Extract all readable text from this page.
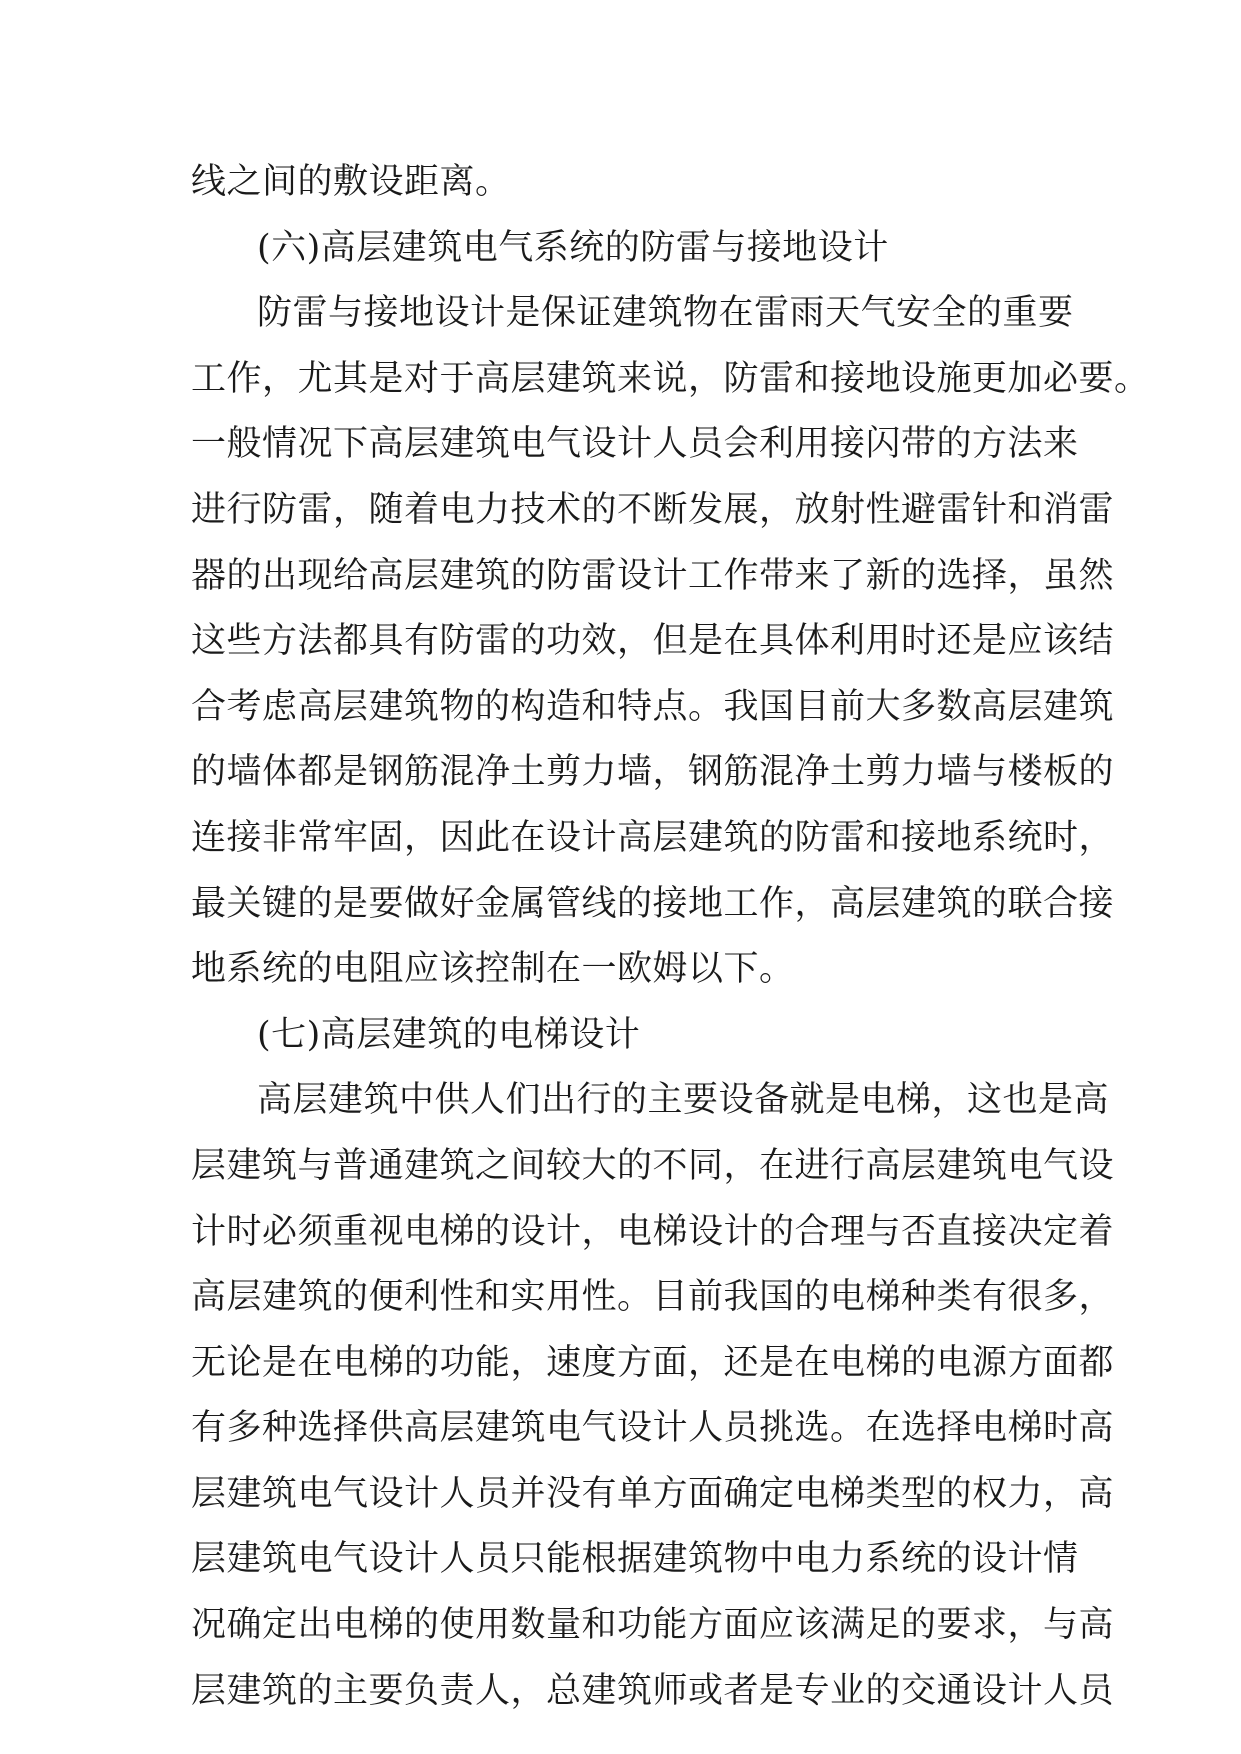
线之间的敷设距离。
(六)高层建筑电气系统的防雷与接地设计
防雷与接地设计是保证建筑物在雷雨天气安全的重要
工作，尤其是对于高层建筑来说，防雷和接地设施更加必要。
一般情况下高层建筑电气设计人员会利用接闪带的方法来
进行防雷，随着电力技术的不断发展，放射性避雷针和消雷
器的出现给高层建筑的防雷设计工作带来了新的选择，虽然
这些方法都具有防雷的功效，但是在具体利用时还是应该结
合考虑高层建筑物的构造和特点。我国目前大多数高层建筑
的墙体都是钢筋混净土剪力墙，钢筋混净土剪力墙与楼板的
连接非常牢固，因此在设计高层建筑的防雷和接地系统时，
最关键的是要做好金属管线的接地工作，高层建筑的联合接
地系统的电阻应该控制在一欧姆以下。
(七)高层建筑的电梯设计
高层建筑中供人们出行的主要设备就是电梯，这也是高
层建筑与普通建筑之间较大的不同，在进行高层建筑电气设
计时必须重视电梯的设计，电梯设计的合理与否直接决定着
高层建筑的便利性和实用性。目前我国的电梯种类有很多，
无论是在电梯的功能，速度方面，还是在电梯的电源方面都
有多种选择供高层建筑电气设计人员挑选。在选择电梯时高
层建筑电气设计人员并没有单方面确定电梯类型的权力，高
层建筑电气设计人员只能根据建筑物中电力系统的设计情
况确定出电梯的使用数量和功能方面应该满足的要求，与高
层建筑的主要负责人，总建筑师或者是专业的交通设计人员
